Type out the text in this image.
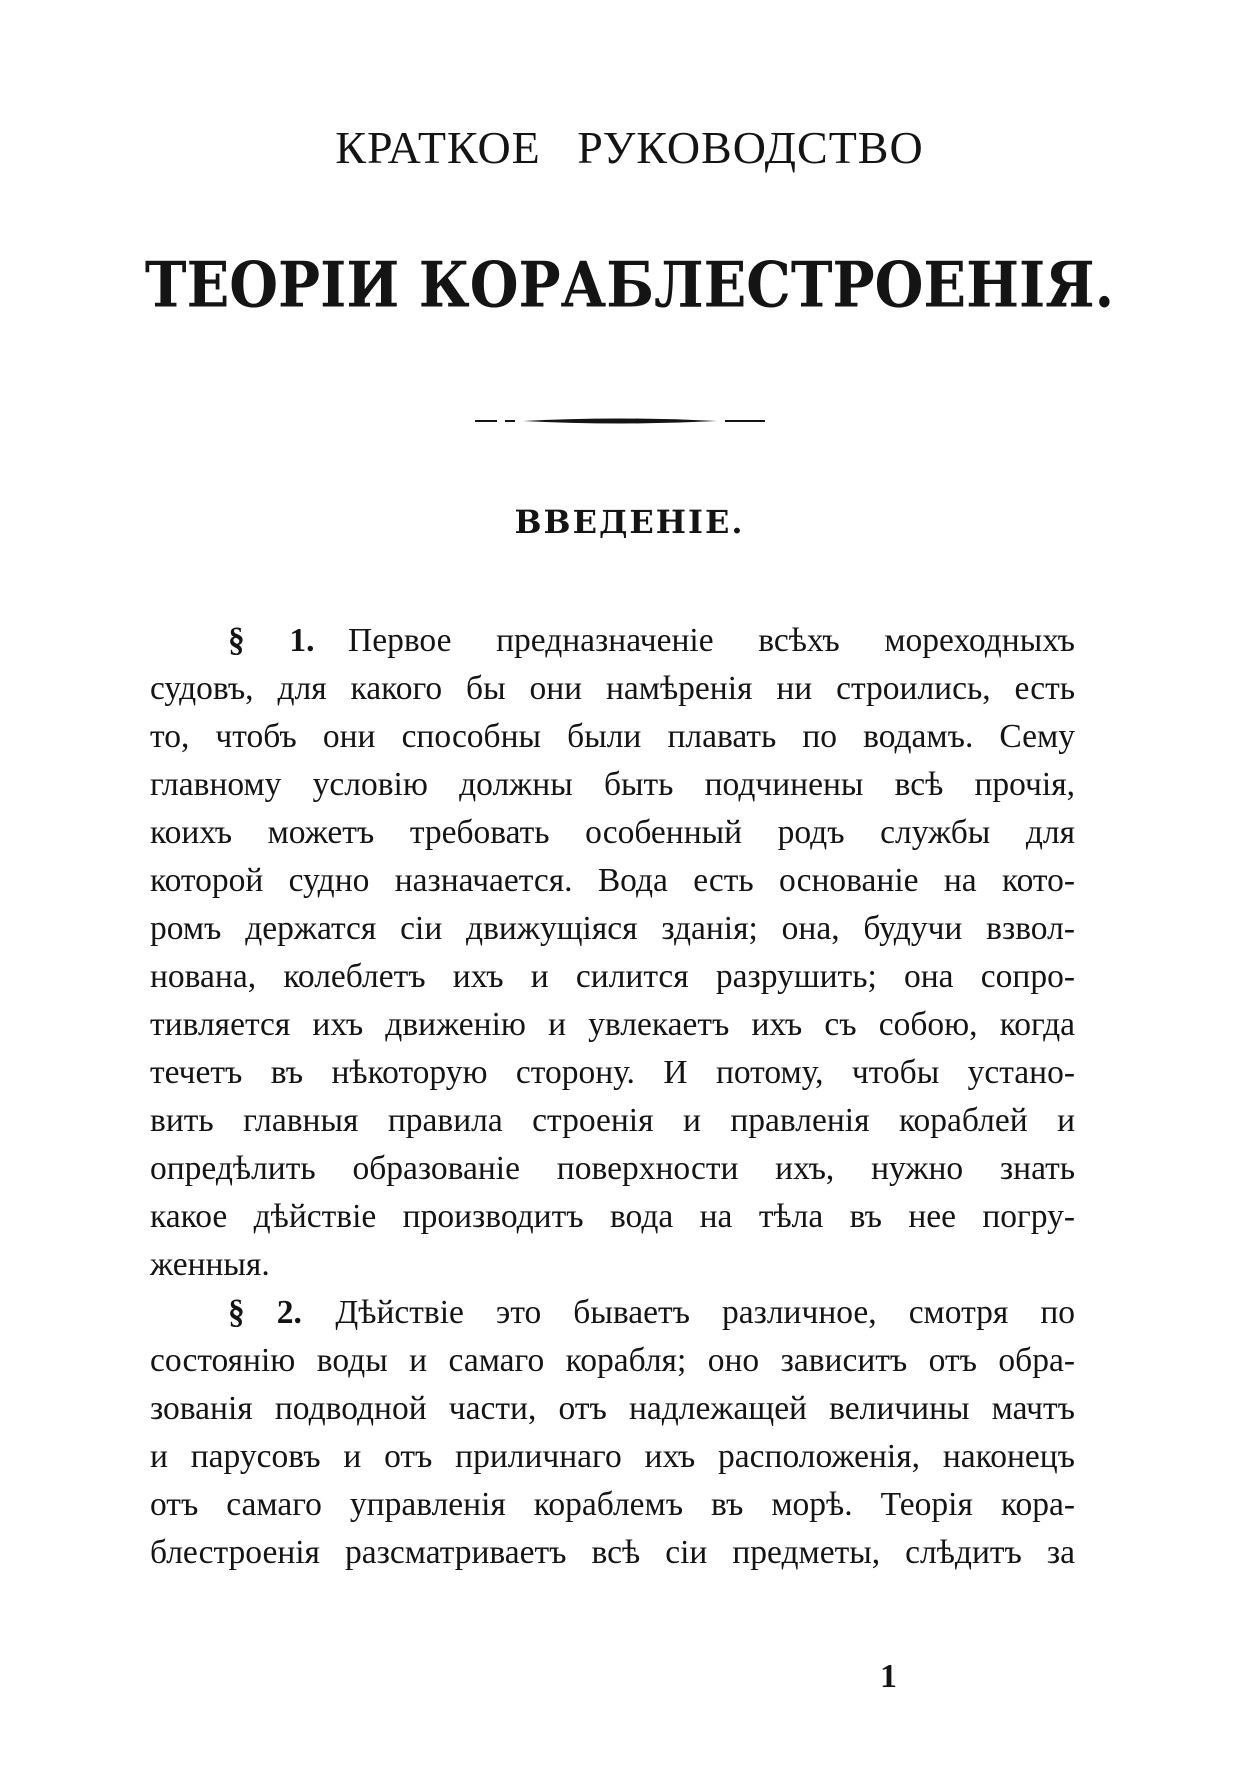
КРАТКОЕ РУКОВОДСТВО
ТЕОРІИ КОРАБЛЕСТРОЕНІЯ.
ВВЕДЕНІЕ.
§ 1.  Первое предназначеніе всѣхъ мореходныхъ
судовъ, для какого бы они намѣренія ни строились, есть
то, чтобъ они способны были плавать по водамъ. Сему
главному условію должны быть подчинены всѣ прочія,
коихъ можетъ требовать особенный родъ службы для
которой судно назначается. Вода есть основаніе на кото-
ромъ держатся сіи движущіяся зданія; она, будучи взвол-
нована, колеблетъ ихъ и силится разрушить; она сопро-
тивляется ихъ движенію и увлекаетъ ихъ съ собою, когда
течетъ въ нѣкоторую сторону. И потому, чтобы устано-
вить главныя правила строенія и правленія кораблей и
опредѣлить образованіе поверхности ихъ, нужно знать
какое дѣйствіе производитъ вода на тѣла въ нее погру-
женныя.
§ 2.  Дѣйствіе это бываетъ различное, смотря по
состоянію воды и самаго корабля; оно зависитъ отъ обра-
зованія подводной части, отъ надлежащей величины мачтъ
и парусовъ и отъ приличнаго ихъ расположенія, наконецъ
отъ самаго управленія кораблемъ въ морѣ. Теорія кора-
блестроенія разсматриваетъ всѣ сіи предметы, слѣдитъ за
1
